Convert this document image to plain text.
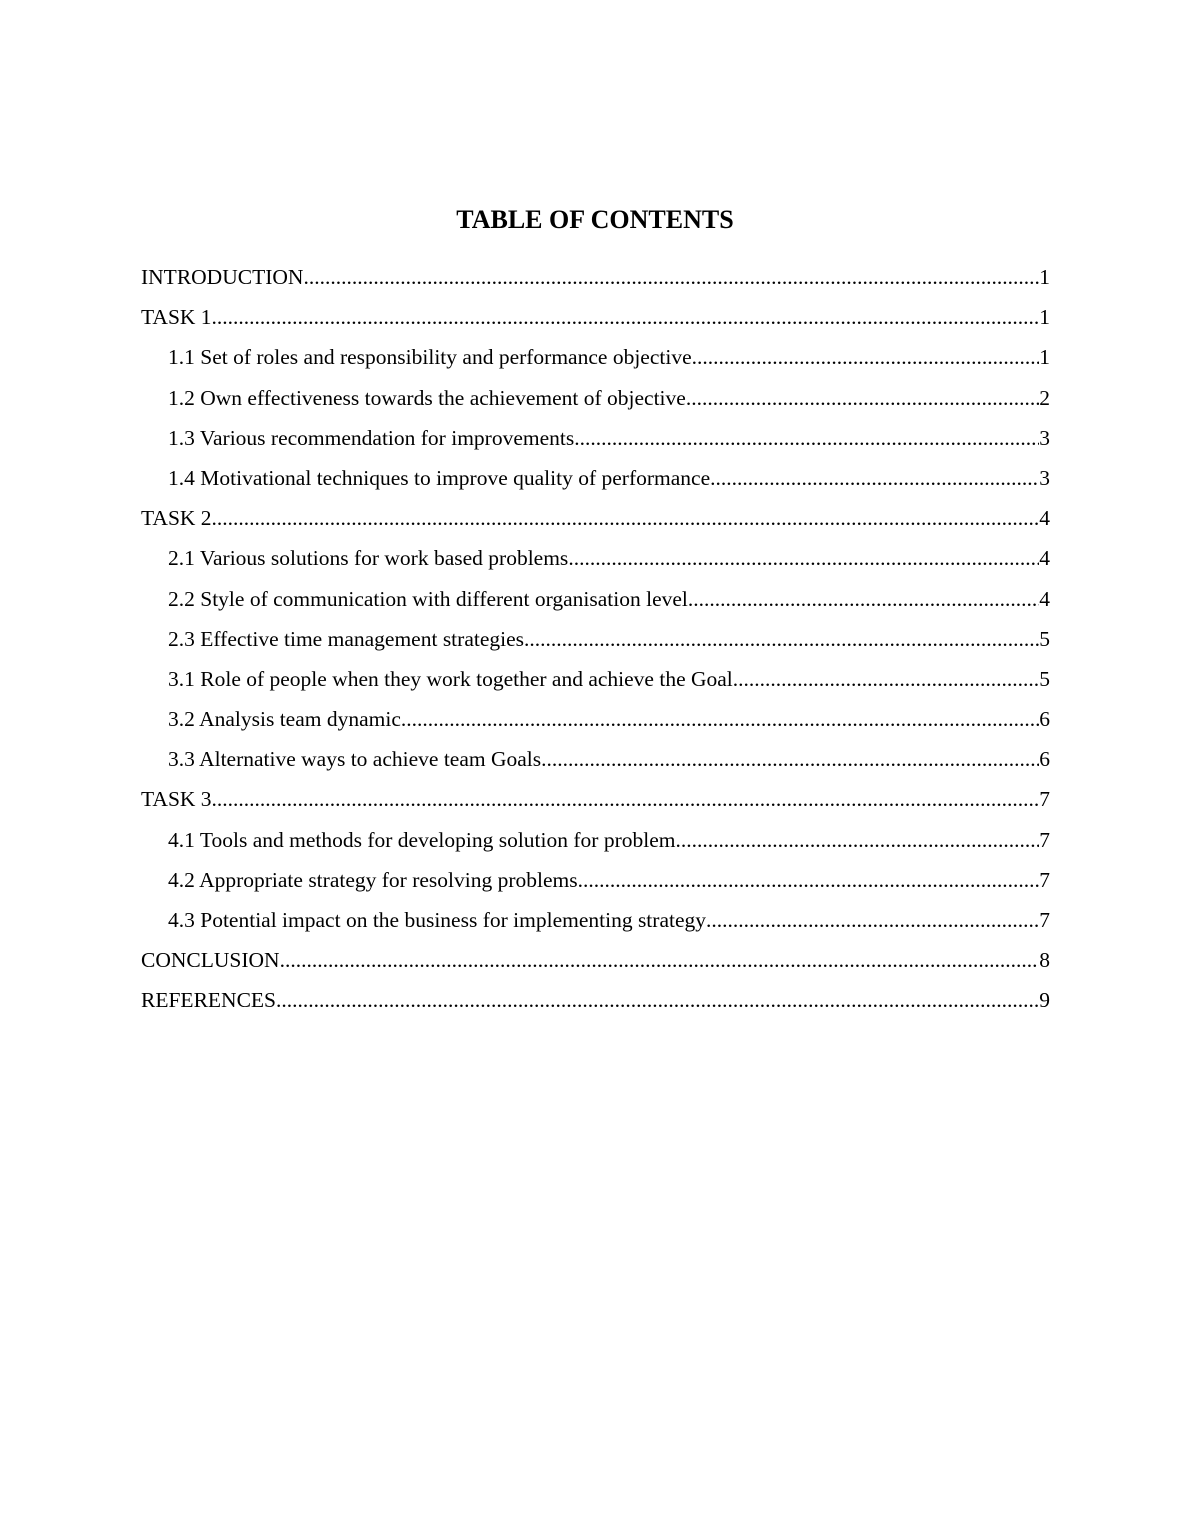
TABLE OF CONTENTS
INTRODUCTION .....	1
TASK 1 .....	1
1.1 Set of roles and responsibility and performance objective .....	1
1.2 Own effectiveness towards the achievement of objective .....	2
1.3 Various recommendation for improvements .....	3
1.4 Motivational techniques to improve quality of performance .....	3
TASK 2 .....	4
2.1 Various solutions for work based problems .....	4
2.2 Style of communication with different organisation level .....	4
2.3 Effective time management strategies .....	5
3.1 Role of people when they work together and achieve the Goal .....	5
3.2 Analysis team dynamic .....	6
3.3 Alternative ways to achieve team Goals .....	6
TASK 3 .....	7
4.1 Tools and methods for developing solution for problem .....	7
4.2 Appropriate strategy for resolving problems .....	7
4.3 Potential impact on the business for implementing strategy .....	7
CONCLUSION .....	8
REFERENCES .....	9
